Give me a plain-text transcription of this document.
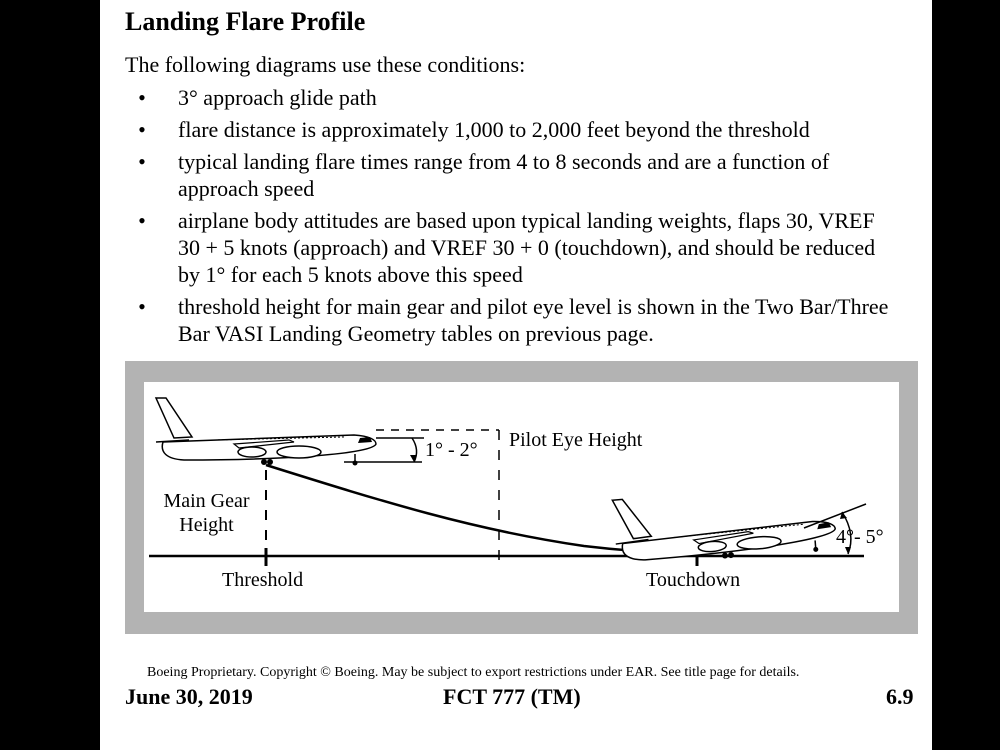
Landing Flare Profile
The following diagrams use these conditions:
• 3° approach glide path
• flare distance is approximately 1,000 to 2,000 feet beyond the threshold
• typical landing flare times range from 4 to 8 seconds and are a function of approach speed
• airplane body attitudes are based upon typical landing weights, flaps 30, VREF 30 + 5 knots (approach) and VREF 30 + 0 (touchdown), and should be reduced by 1° for each 5 knots above this speed
• threshold height for main gear and pilot eye level is shown in the Two Bar/Three Bar VASI Landing Geometry tables on previous page.
1° - 2° Pilot Eye Height
Main Gear
Height
4°- 5°
Threshold	Touchdown
Boeing Proprietary. Copyright © Boeing. May be subject to export restrictions under EAR. See title page for details.
June 30, 2019	FCT 777 (TM)	6.9
